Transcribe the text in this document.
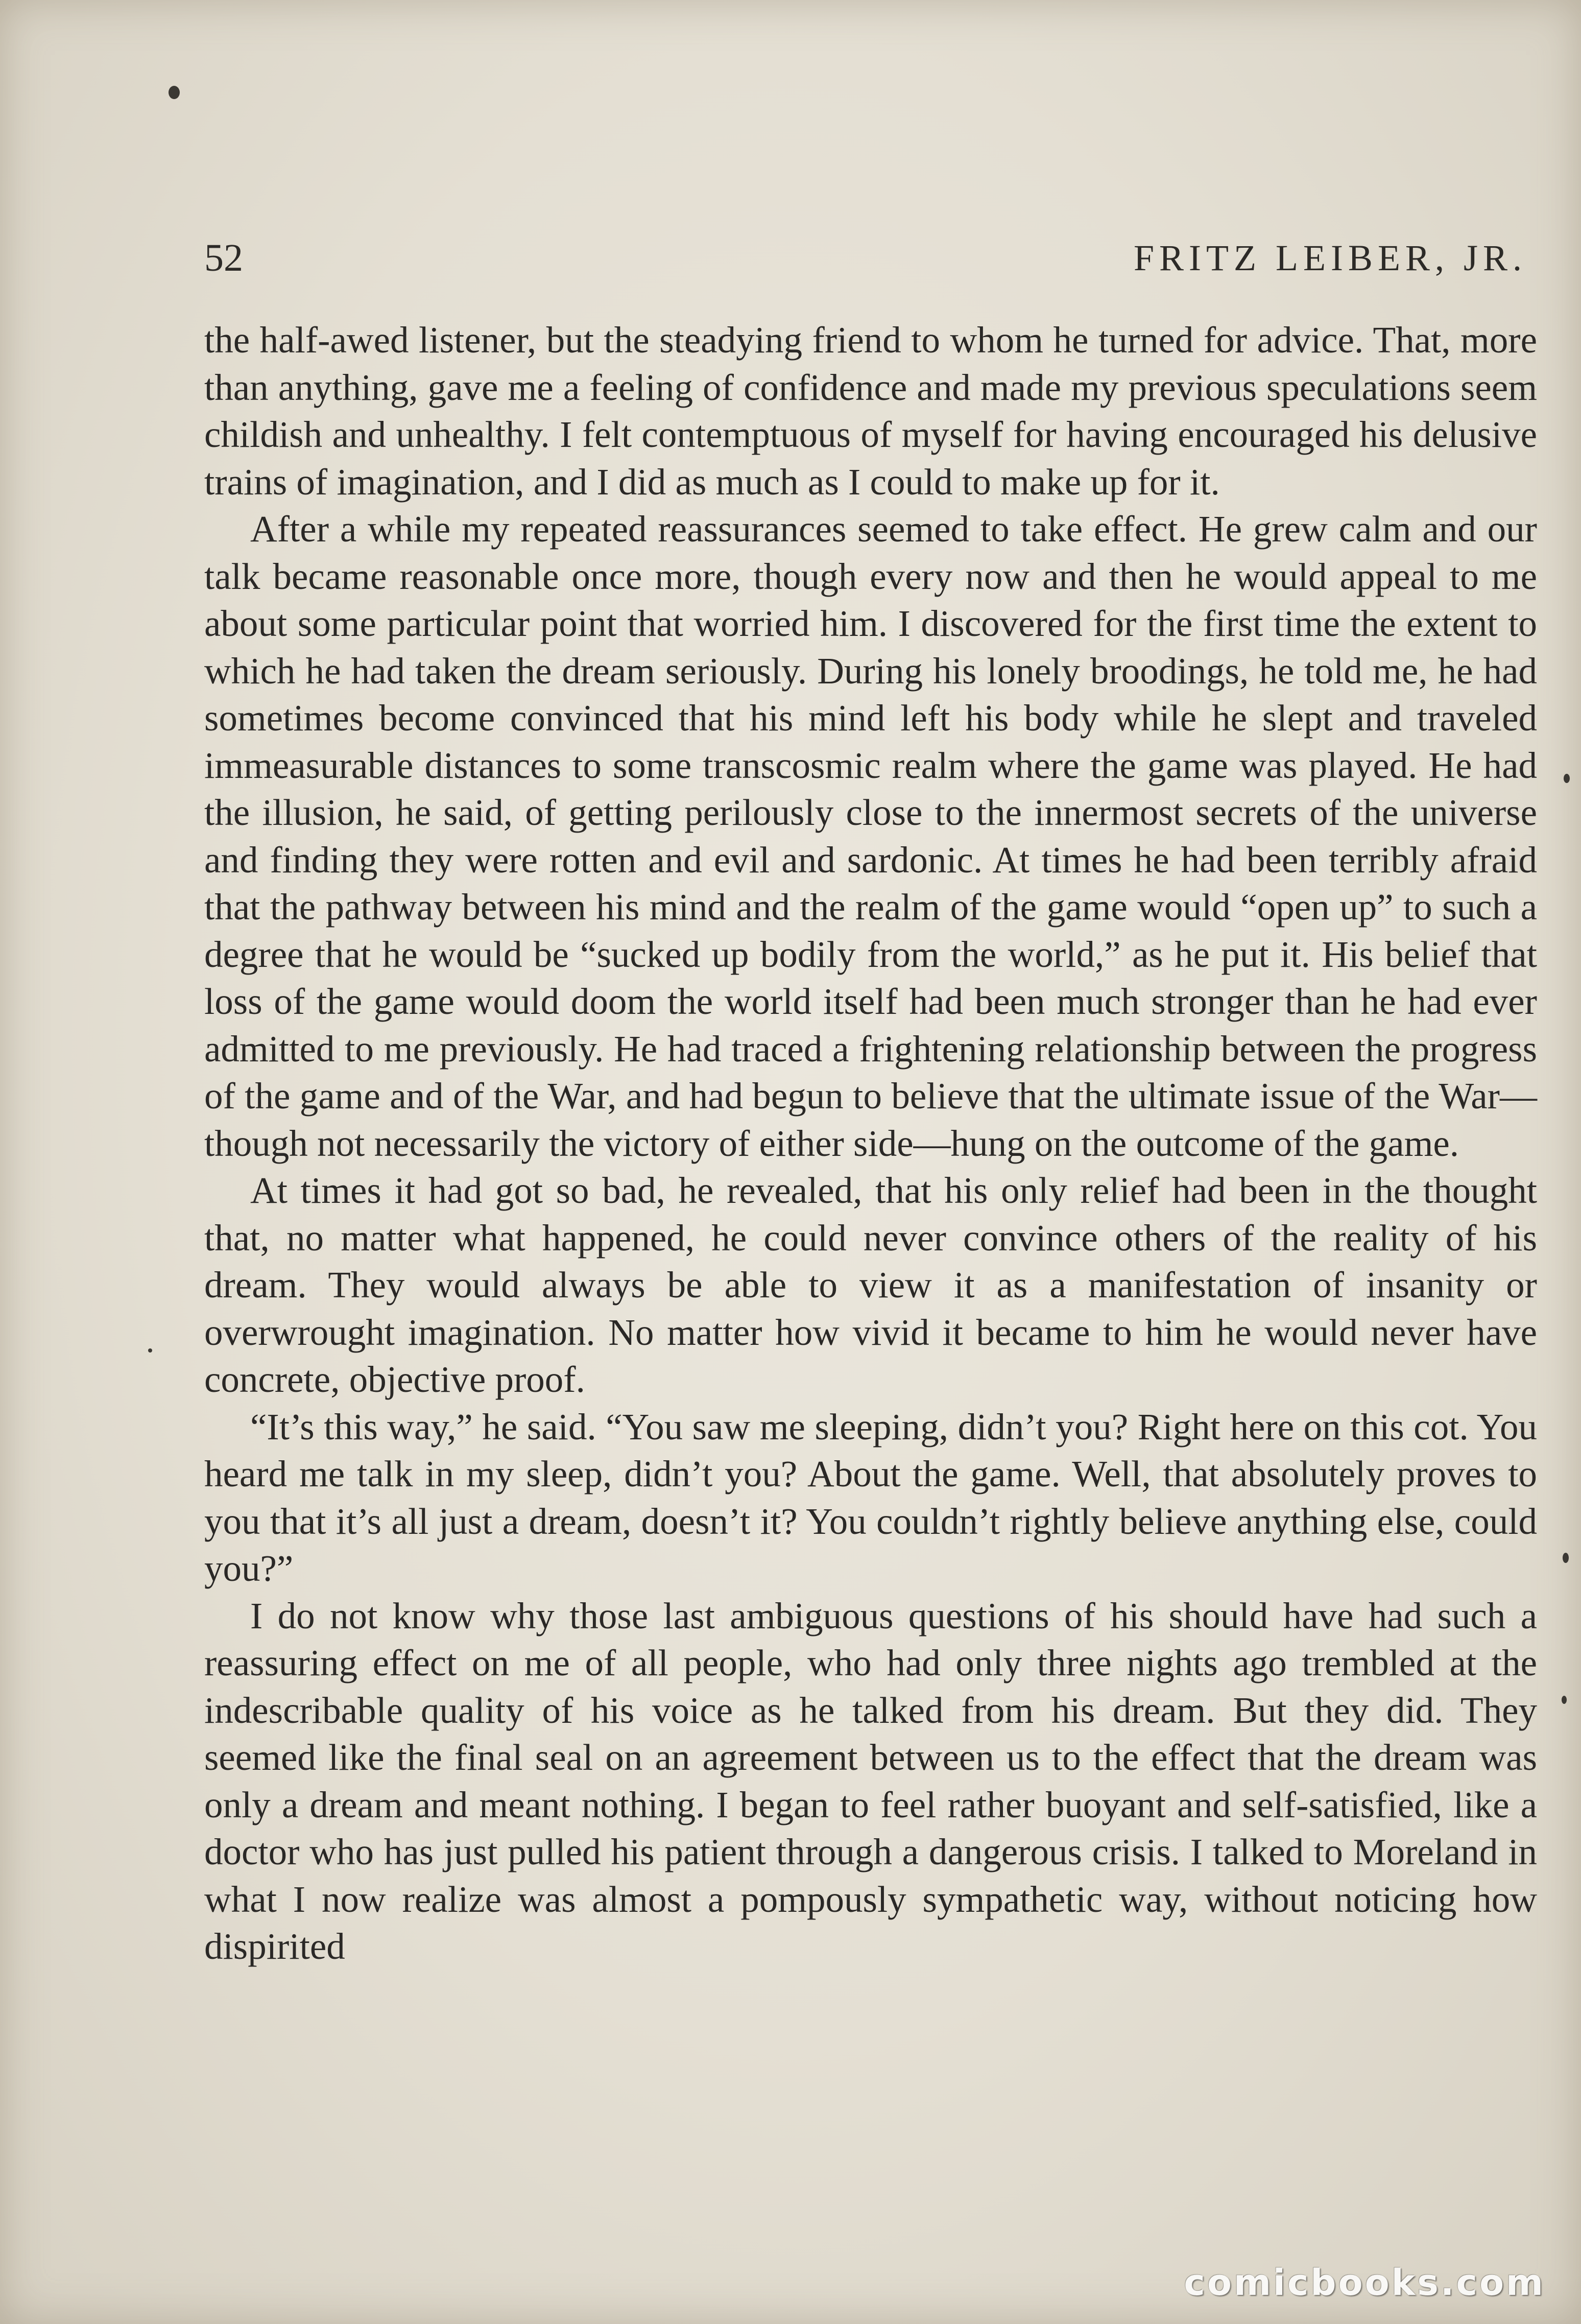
52	FRITZ LEIBER, JR.

the half-awed listener, but the steadying friend to whom he turned for advice. That, more than anything, gave me a feeling of confidence and made my previous speculations seem childish and unhealthy. I felt contemptuous of myself for having encouraged his delusive trains of imagination, and I did as much as I could to make up for it.

After a while my repeated reassurances seemed to take effect. He grew calm and our talk became reasonable once more, though every now and then he would appeal to me about some particular point that worried him. I discovered for the first time the extent to which he had taken the dream seriously. During his lonely broodings, he told me, he had sometimes become convinced that his mind left his body while he slept and traveled immeasurable distances to some transcosmic realm where the game was played. He had the illusion, he said, of getting perilously close to the innermost secrets of the universe and finding they were rotten and evil and sardonic. At times he had been terribly afraid that the pathway between his mind and the realm of the game would “open up” to such a degree that he would be “sucked up bodily from the world,” as he put it. His belief that loss of the game would doom the world itself had been much stronger than he had ever admitted to me previously. He had traced a frightening relationship between the progress of the game and of the War, and had begun to believe that the ultimate issue of the War—though not necessarily the victory of either side—hung on the outcome of the game.

At times it had got so bad, he revealed, that his only relief had been in the thought that, no matter what happened, he could never convince others of the reality of his dream. They would always be able to view it as a manifestation of insanity or overwrought imagination. No matter how vivid it became to him he would never have concrete, objective proof.

“It’s this way,” he said. “You saw me sleeping, didn’t you? Right here on this cot. You heard me talk in my sleep, didn’t you? About the game. Well, that absolutely proves to you that it’s all just a dream, doesn’t it? You couldn’t rightly believe anything else, could you?”

I do not know why those last ambiguous questions of his should have had such a reassuring effect on me of all people, who had only three nights ago trembled at the indescribable quality of his voice as he talked from his dream. But they did. They seemed like the final seal on an agreement between us to the effect that the dream was only a dream and meant nothing. I began to feel rather buoyant and self-satisfied, like a doctor who has just pulled his patient through a dangerous crisis. I talked to Moreland in what I now realize was almost a pompously sympathetic way, without noticing how dispirited

comicbooks.com
